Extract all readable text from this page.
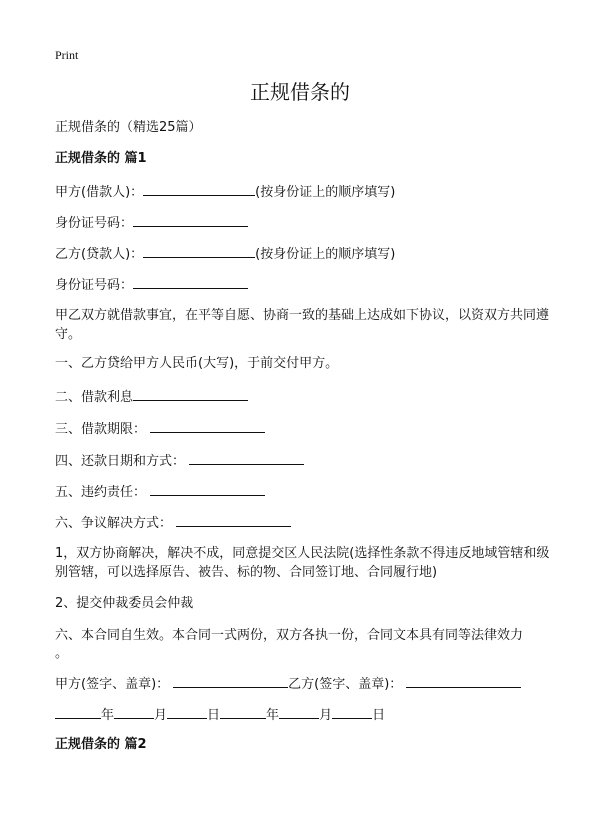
Print
正规借条的
正规借条的（精选25篇）
正规借条的 篇1
甲方(借款人)：	(按身份证上的顺序填写)
身份证号码：
乙方(贷款人)：	(按身份证上的顺序填写)
身份证号码：
甲乙双方就借款事宜，在平等自愿、协商一致的基础上达成如下协议，以资双方共同遵守。
一、乙方贷给甲方人民币(大写)，于前交付甲方。
二、借款利息
三、借款期限：
四、还款日期和方式：
五、违约责任：
六、争议解决方式：
1，双方协商解决，解决不成，同意提交区人民法院(选择性条款不得违反地域管辖和级别管辖，可以选择原告、被告、标的物、合同签订地、合同履行地)
2、提交仲裁委员会仲裁
六、本合同自生效。本合同一式两份，双方各执一份，合同文本具有同等法律效力
。
甲方(签字、盖章)：	乙方(签字、盖章)：
年	月	日	年	月	日
正规借条的 篇2
